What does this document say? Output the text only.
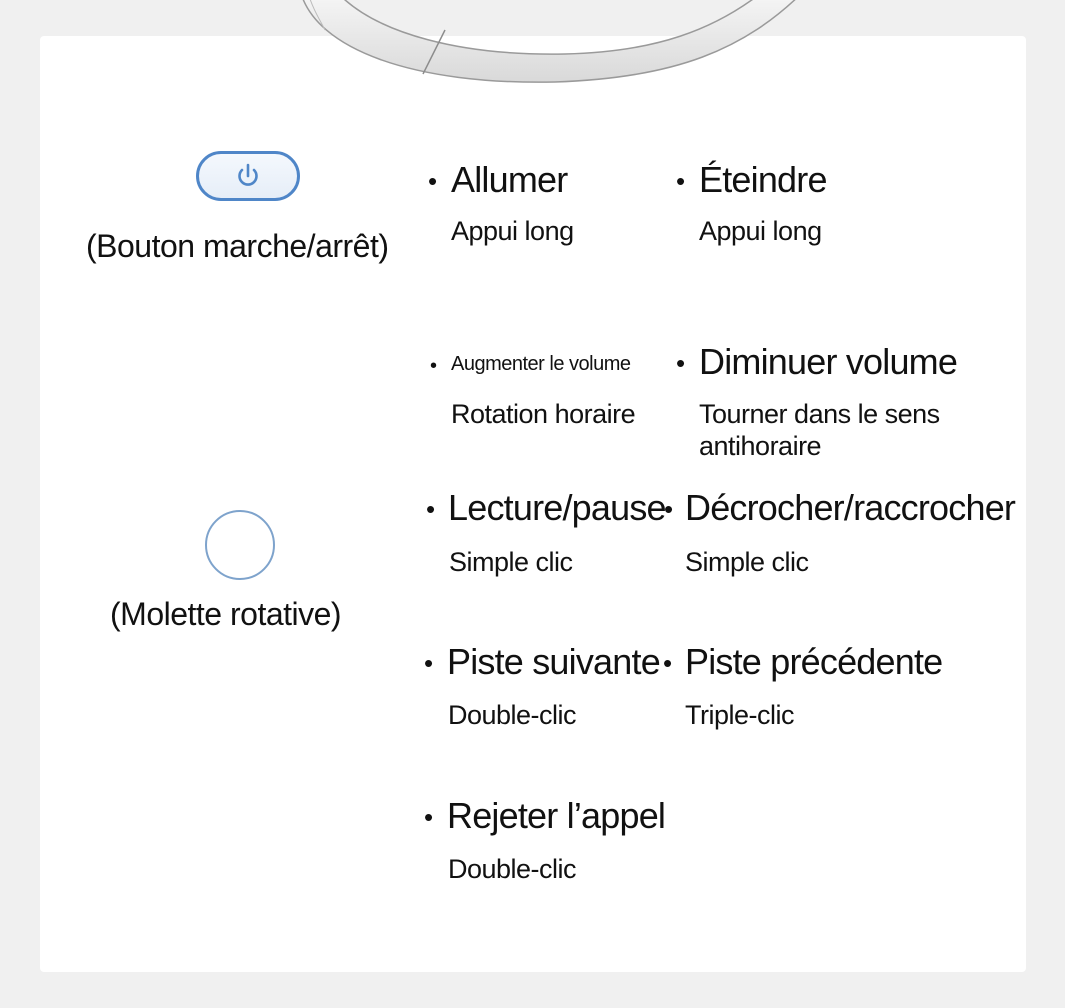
(Bouton marche/arrêt)
• Allumer
Appui long
• Éteindre
Appui long
(Molette rotative)
• Augmenter le volume
Rotation horaire
• Diminuer volume
Tourner dans le sens antihoraire
• Lecture/pause
Simple clic
• Décrocher/raccrocher
Simple clic
• Piste suivante
Double-clic
• Piste précédente
Triple-clic
• Rejeter l’appel
Double-clic
